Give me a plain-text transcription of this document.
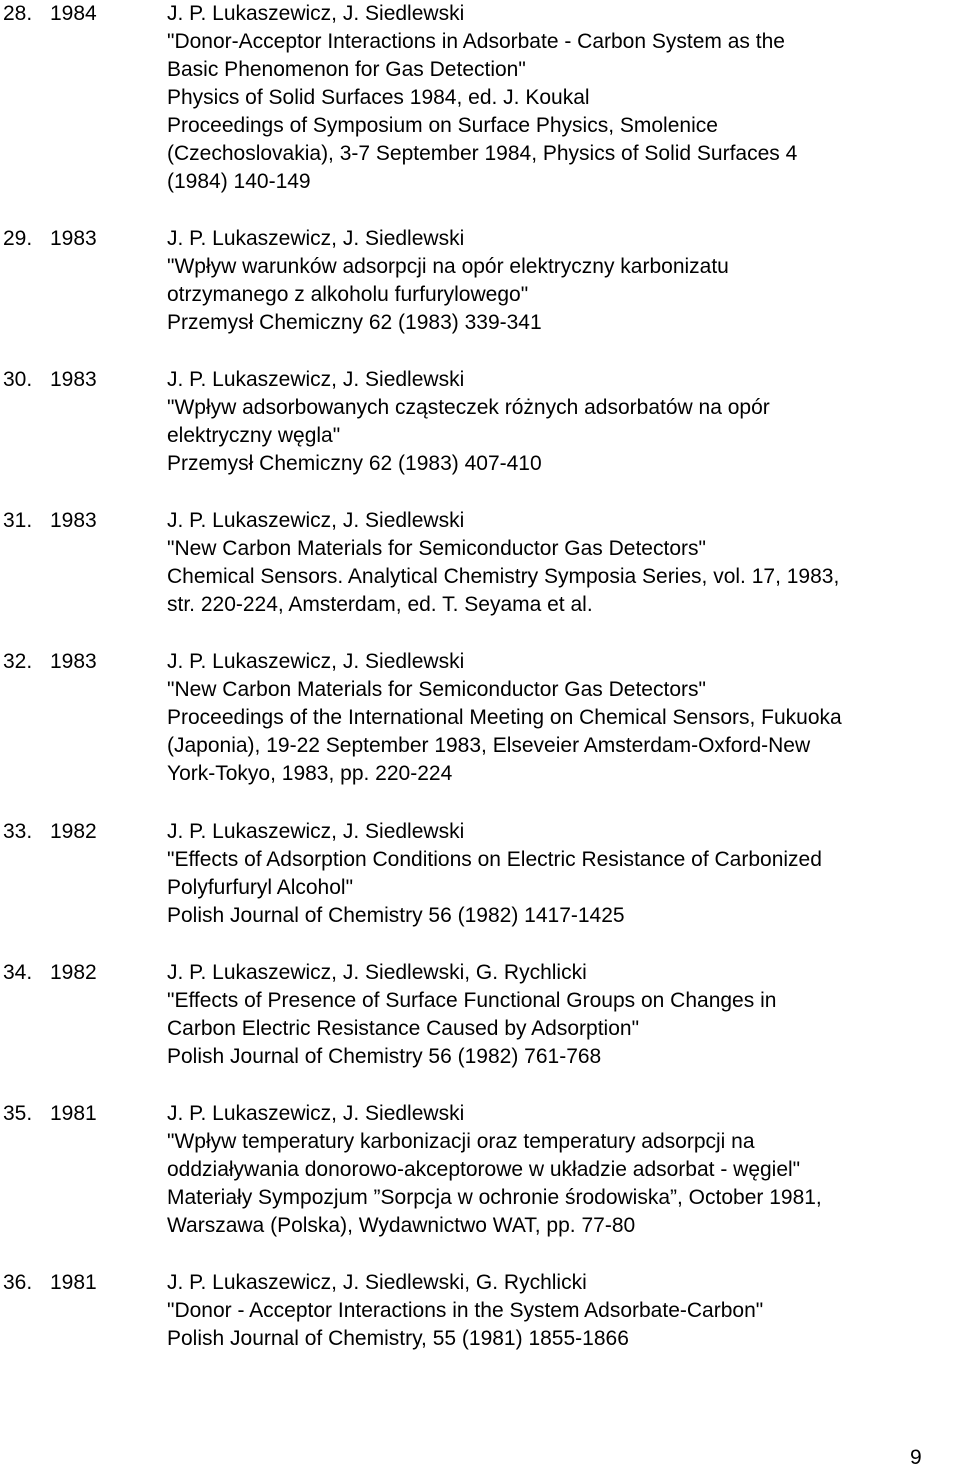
28. 1984	J. P. Lukaszewicz, J. Siedlewski
"Donor-Acceptor Interactions in Adsorbate - Carbon System as the
Basic Phenomenon for Gas Detection"
Physics of Solid Surfaces 1984, ed. J. Koukal
Proceedings of Symposium on Surface Physics, Smolenice
(Czechoslovakia), 3-7 September 1984, Physics of Solid Surfaces 4
(1984) 140-149
29. 1983	J. P. Lukaszewicz, J. Siedlewski
"Wpływ warunków adsorpcji na opór elektryczny karbonizatu
otrzymanego z alkoholu furfurylowego"
Przemysł Chemiczny 62 (1983) 339-341
30. 1983	J. P. Lukaszewicz, J. Siedlewski
"Wpływ adsorbowanych cząsteczek różnych adsorbatów na opór
elektryczny węgla"
Przemysł Chemiczny 62 (1983) 407-410
31. 1983	J. P. Lukaszewicz, J. Siedlewski
"New Carbon Materials for Semiconductor Gas Detectors"
Chemical Sensors. Analytical Chemistry Symposia Series, vol. 17, 1983,
str. 220-224, Amsterdam, ed. T. Seyama et al.
32. 1983	J. P. Lukaszewicz, J. Siedlewski
"New Carbon Materials for Semiconductor Gas Detectors"
Proceedings of the International Meeting on Chemical Sensors, Fukuoka
(Japonia), 19-22 September 1983, Elseveier Amsterdam-Oxford-New
York-Tokyo, 1983, pp. 220-224
33. 1982	J. P. Lukaszewicz, J. Siedlewski
"Effects of Adsorption Conditions on Electric Resistance of Carbonized
Polyfurfuryl Alcohol"
Polish Journal of Chemistry 56 (1982) 1417-1425
34. 1982	J. P. Lukaszewicz, J. Siedlewski, G. Rychlicki
"Effects of Presence of Surface Functional Groups on Changes in
Carbon Electric Resistance Caused by Adsorption"
Polish Journal of Chemistry 56 (1982) 761-768
35. 1981	J. P. Lukaszewicz, J. Siedlewski
"Wpływ temperatury karbonizacji oraz temperatury adsorpcji na
oddziaływania donorowo-akceptorowe w układzie adsorbat - węgiel"
Materiały Sympozjum ”Sorpcja w ochronie środowiska”, October 1981,
Warszawa (Polska), Wydawnictwo WAT, pp. 77-80
36. 1981	J. P. Lukaszewicz, J. Siedlewski, G. Rychlicki
"Donor - Acceptor Interactions in the System Adsorbate-Carbon"
Polish Journal of Chemistry, 55 (1981) 1855-1866
9
